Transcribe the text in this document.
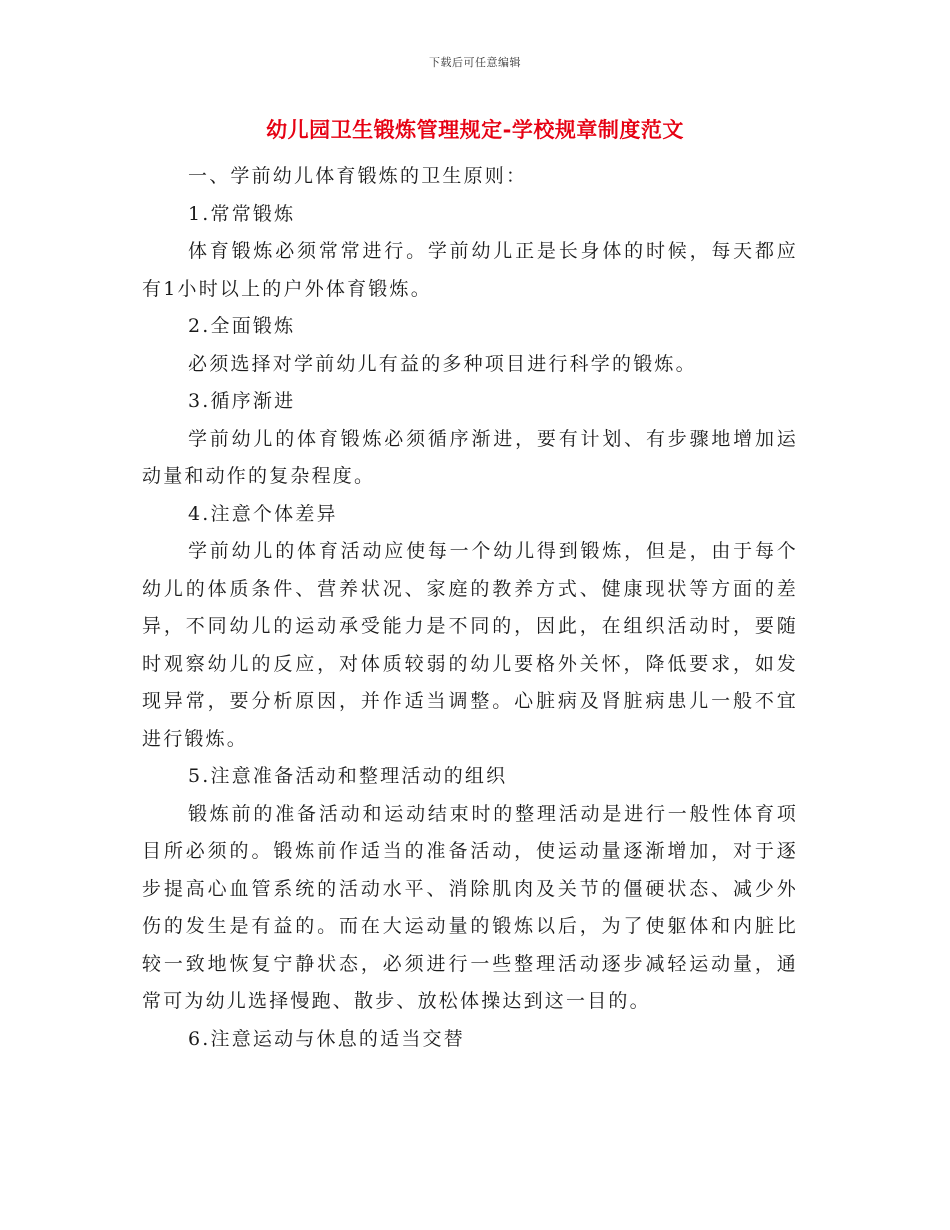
下载后可任意编辑
幼儿园卫生锻炼管理规定-学校规章制度范文

一、学前幼儿体育锻炼的卫生原则：

1.常常锻炼

体育锻炼必须常常进行。学前幼儿正是长身体的时候，每天都应有1小时以上的户外体育锻炼。

2.全面锻炼

必须选择对学前幼儿有益的多种项目进行科学的锻炼。

3.循序渐进

学前幼儿的体育锻炼必须循序渐进，要有计划、有步骤地增加运动量和动作的复杂程度。

4.注意个体差异

学前幼儿的体育活动应使每一个幼儿得到锻炼，但是，由于每个幼儿的体质条件、营养状况、家庭的教养方式、健康现状等方面的差异，不同幼儿的运动承受能力是不同的，因此，在组织活动时，要随时观察幼儿的反应，对体质较弱的幼儿要格外关怀，降低要求，如发现异常，要分析原因，并作适当调整。心脏病及肾脏病患儿一般不宜进行锻炼。

5.注意准备活动和整理活动的组织

锻炼前的准备活动和运动结束时的整理活动是进行一般性体育项目所必须的。锻炼前作适当的准备活动，使运动量逐渐增加，对于逐步提高心血管系统的活动水平、消除肌肉及关节的僵硬状态、减少外伤的发生是有益的。而在大运动量的锻炼以后，为了使躯体和内脏比较一致地恢复宁静状态，必须进行一些整理活动逐步减轻运动量，通常可为幼儿选择慢跑、散步、放松体操达到这一目的。

6.注意运动与休息的适当交替
